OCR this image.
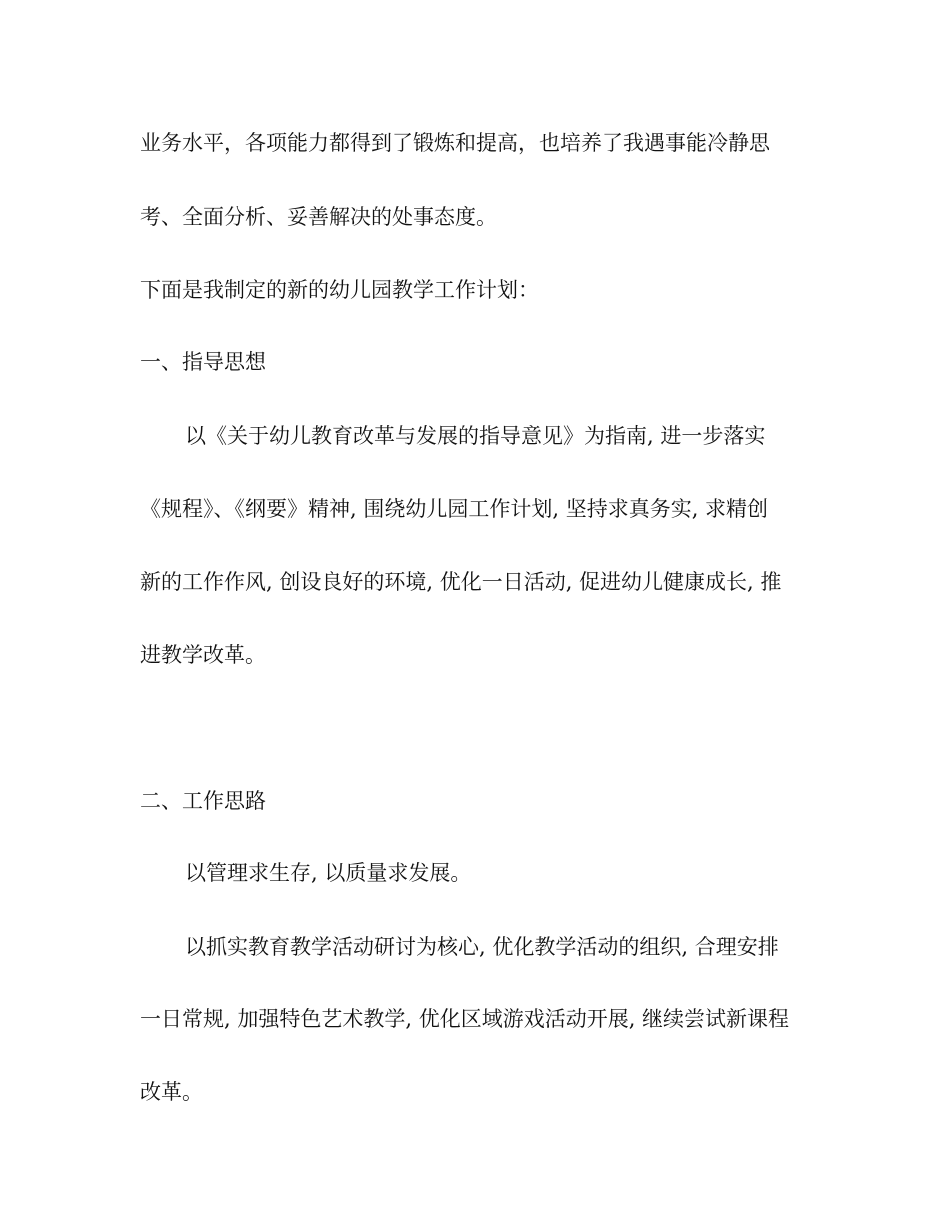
业务水平，各项能力都得到了锻炼和提高，也培养了我遇事能冷静思

考、全面分析、妥善解决的处事态度。

下面是我制定的新的幼儿园教学工作计划：

一、指导思想

以《关于幼儿教育改革与发展的指导意见》为指南, 进一步落实

《规程》、《纲要》精神, 围绕幼儿园工作计划, 坚持求真务实, 求精创

新的工作作风, 创设良好的环境, 优化一日活动, 促进幼儿健康成长, 推

进教学改革。

二、工作思路

以管理求生存, 以质量求发展。

以抓实教育教学活动研讨为核心, 优化教学活动的组织, 合理安排

一日常规, 加强特色艺术教学, 优化区域游戏活动开展, 继续尝试新课程

改革。
